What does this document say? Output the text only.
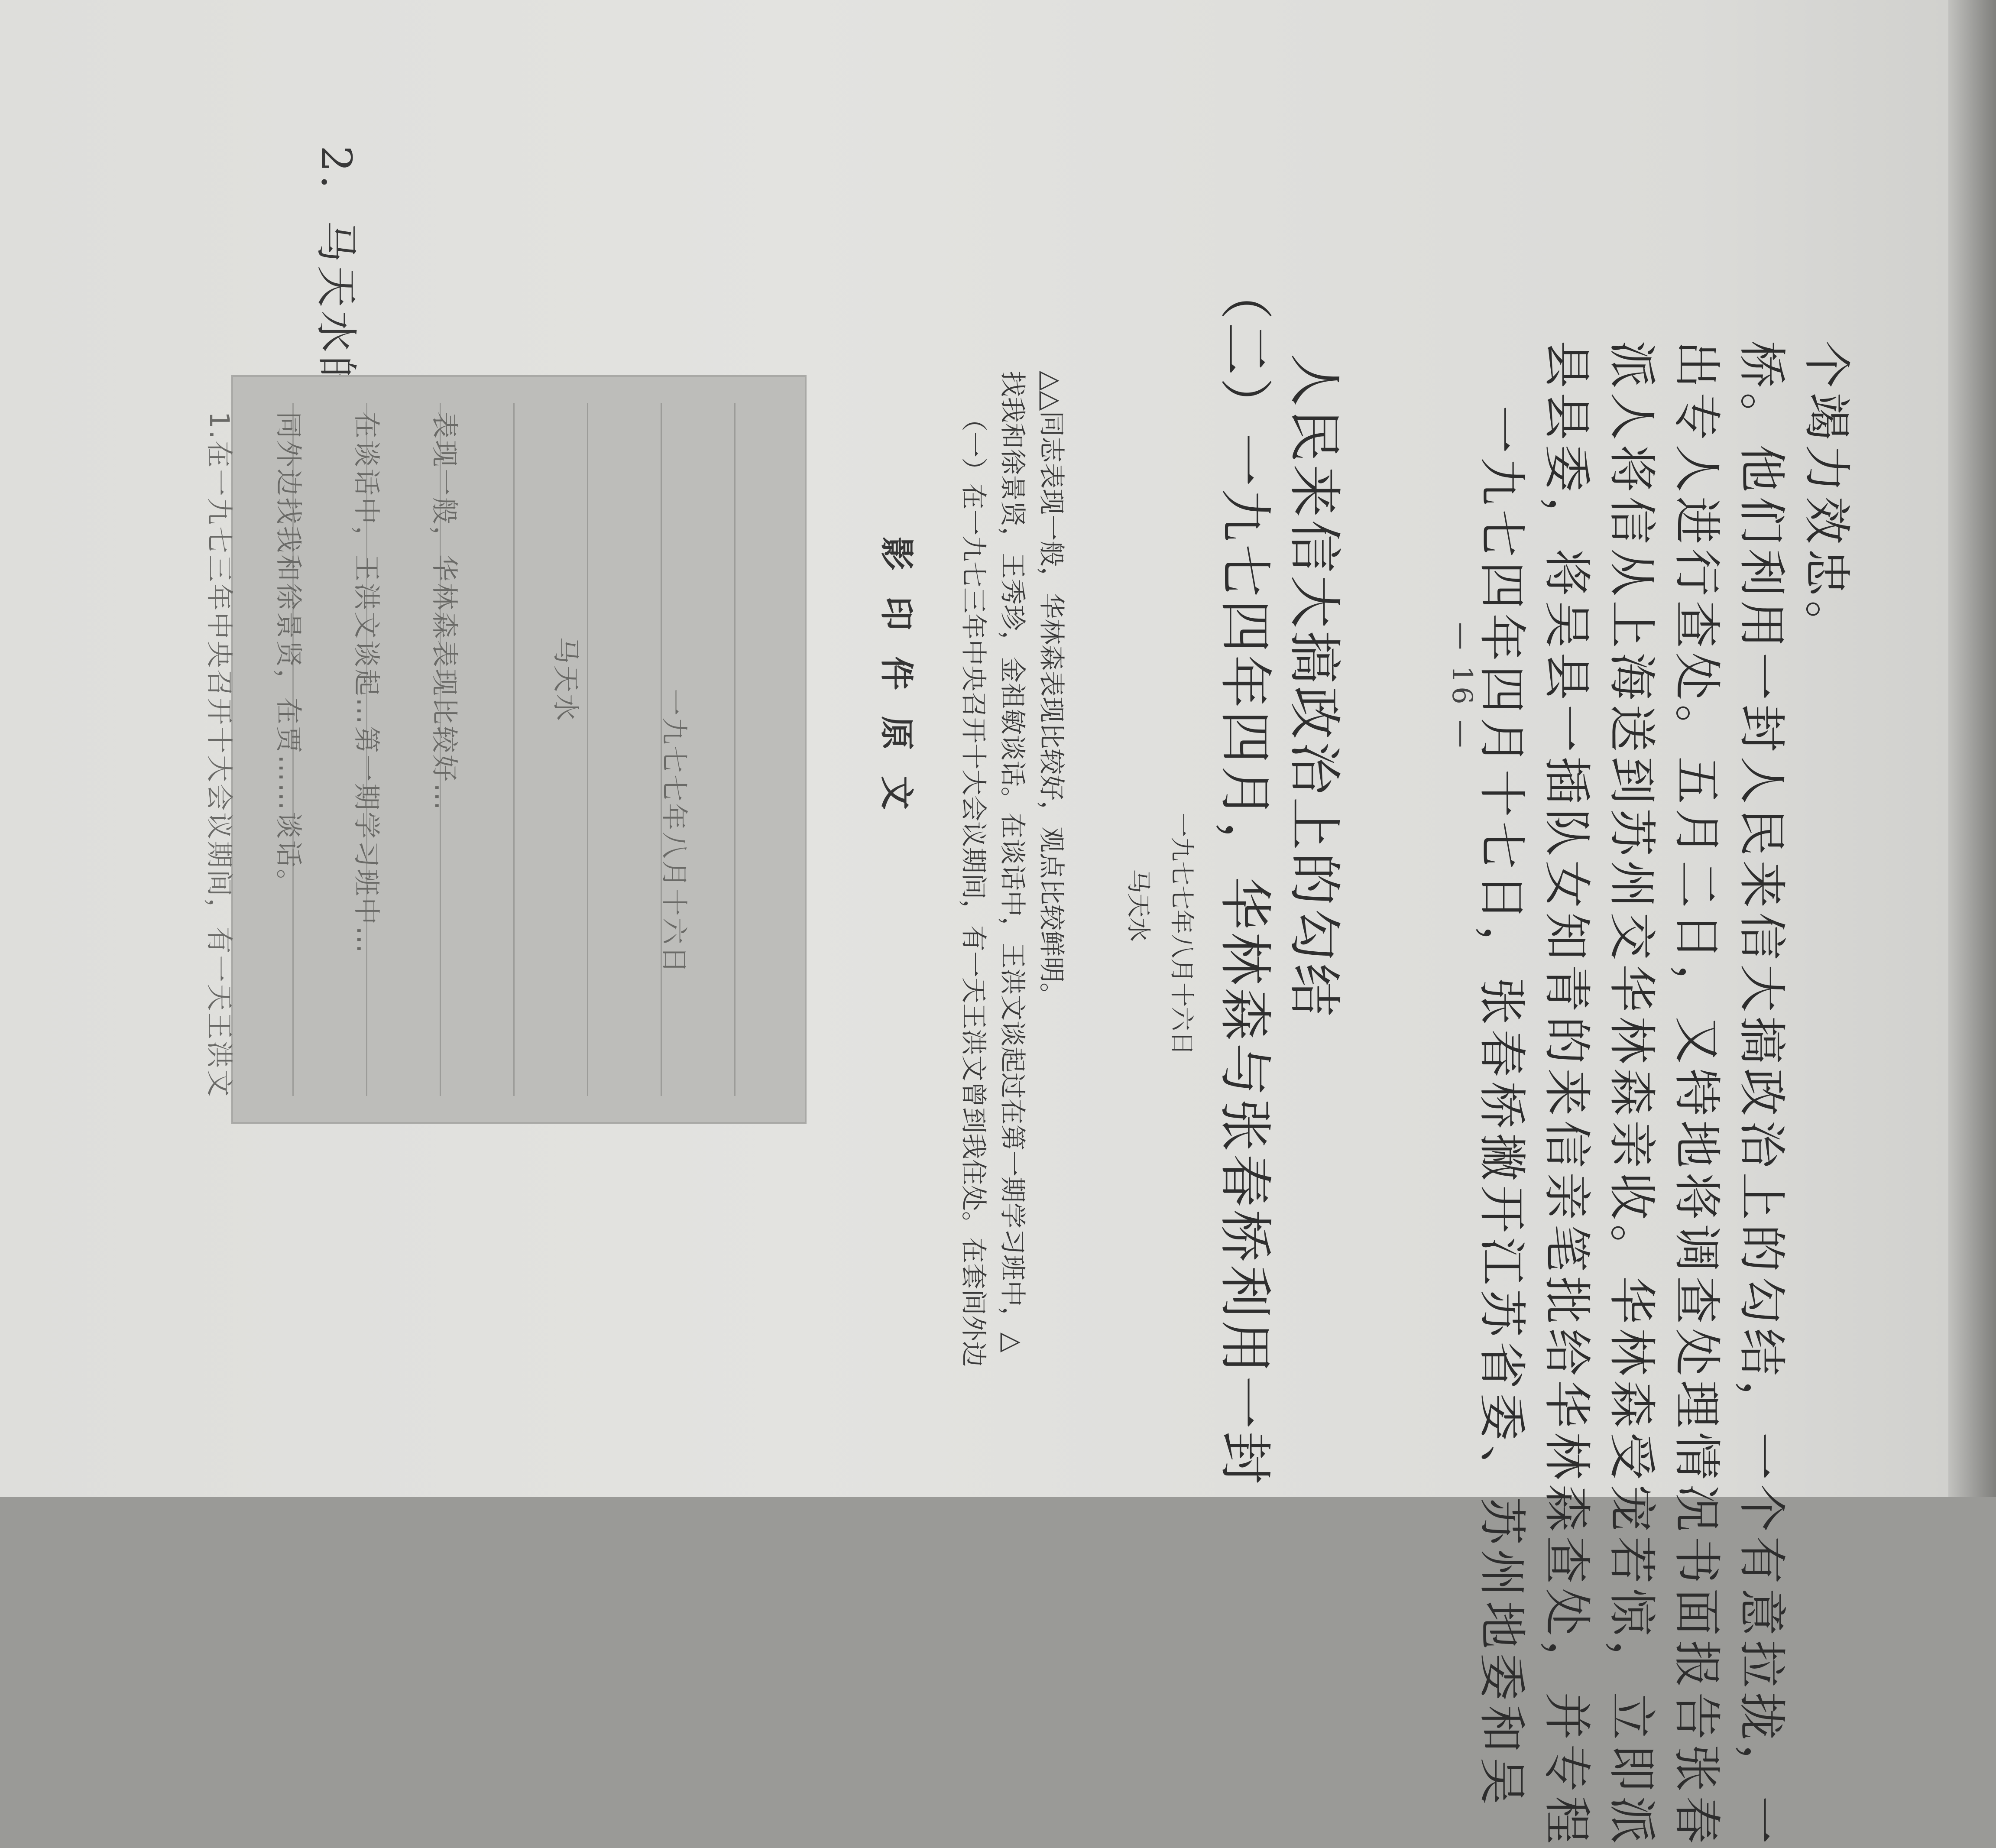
1.在一九七三年中央召开十大会议期间，有一天王洪文 同外边找我和徐景贤，在贾……谈话。 在谈话中，王洪文谈起…第一期学习班中… 表现一般，华林森表现比较好…	马天水

一九七七年八月十六日	影印件原文 （一）在一九七三年中央召开十大会议期间，有一天王洪文曾到我住处。在套间外边 找我和徐景贤，王秀珍，金祖敏谈话。在谈话中，王洪文谈起过在第一期学习班中，△ △△同志表现一般，华林森表现比较好，观点比较鲜明。 马天水 一九七七年八月十六日 （二）一九七四年四月，华林森与张春桥利用一封 人民来信大搞政治上的勾结	— 16 —

一九七四年四月十七日，张春桥撇开江苏省委、苏州地委和吴 县县委，将吴县一插队女知青的来信亲笔批给华林森查处，并专程 派人将信从上海送到苏州交华林森亲收。华林森受宠若惊，立即派 出专人进行查处。五月二日，又特地将调查处理情况书面报告张春 桥。他们利用一封人民来信大搞政治上的勾结，一个有意拉拢，一 个竭力效忠。
